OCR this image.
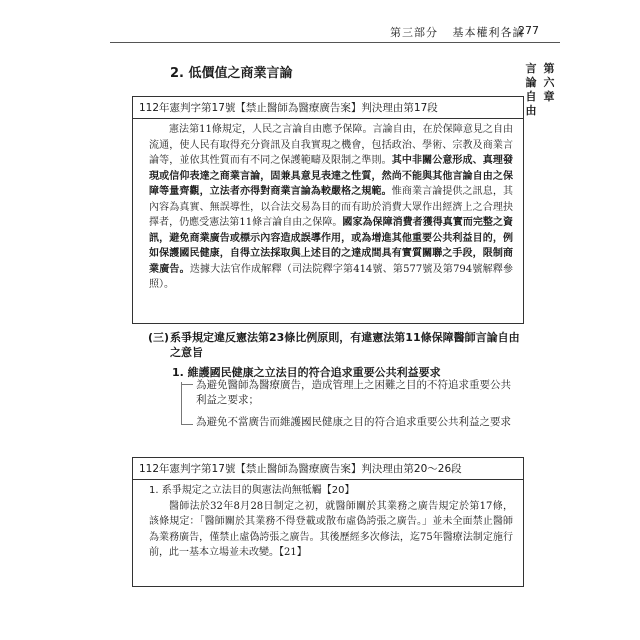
第三部分 基本權利各論
277
第六章
言論自由
2. 低價值之商業言論
112年憲判字第17號【禁止醫師為醫療廣告案】判決理由第17段

憲法第11條規定，人民之言論自由應予保障。言論自由，在於保障意見之自由流通，使人民有取得充分資訊及自我實現之機會，包括政治、學術、宗教及商業言論等，並依其性質而有不同之保護範疇及限制之準則。其中非關公意形成、真理發現或信仰表達之商業言論，固兼具意見表達之性質，然尚不能與其他言論自由之保障等量齊觀，立法者亦得對商業言論為較嚴格之規範。惟商業言論提供之訊息，其內容為真實、無誤導性，以合法交易為目的而有助於消費大眾作出經濟上之合理抉擇者，仍應受憲法第11條言論自由之保障。國家為保障消費者獲得真實而完整之資訊，避免商業廣告或標示內容造成誤導作用，或為增進其他重要公共利益目的，例如保護國民健康，自得立法採取與上述目的之達成間具有實質關聯之手段，限制商業廣告。迭據大法官作成解釋（司法院釋字第414號、第577號及第794號解釋參照）。

(三) 系爭規定違反憲法第23條比例原則，有違憲法第11條保障醫師言論自由之意旨
1. 維護國民健康之立法目的符合追求重要公共利益要求
為避免醫師為醫療廣告，造成管理上之困難之目的不符追求重要公共利益之要求；
為避免不當廣告而維護國民健康之目的符合追求重要公共利益之要求
112年憲判字第17號【禁止醫師為醫療廣告案】判決理由第20～26段
1. 系爭規定之立法目的與憲法尚無牴觸【20】

醫師法於32年8月28日制定之初，就醫師關於其業務之廣告規定於第17條，該條規定：「醫師關於其業務不得登載或散布虛偽誇張之廣告。」並未全面禁止醫師為業務廣告，僅禁止虛偽誇張之廣告。其後歷經多次修法，迄75年醫療法制定施行前，此一基本立場並未改變。【21】
